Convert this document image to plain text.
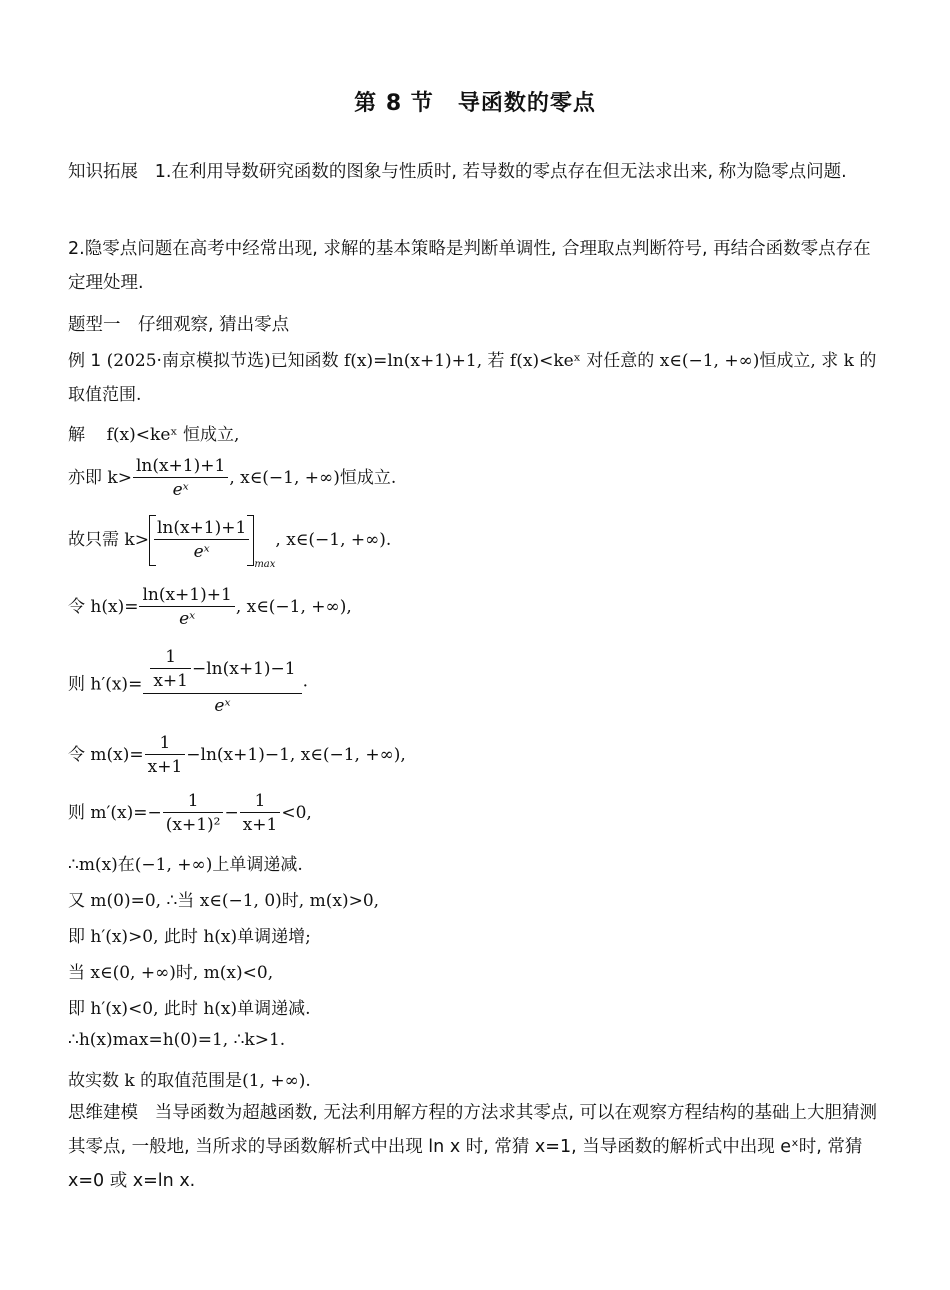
第 8 节 导函数的零点
知识拓展 1.在利用导数研究函数的图象与性质时, 若导数的零点存在但无法求出来, 称为隐零点问题.
2.隐零点问题在高考中经常出现, 求解的基本策略是判断单调性, 合理取点判断符号, 再结合函数零点存在定理处理.
题型一　仔细观察, 猜出零点
例 1 (2025·南京模拟节选)已知函数 f(x)=ln(x+1)+1, 若 f(x)<keˣ 对任意的 x∈(−1, +∞)恒成立, 求 k 的取值范围.
解 f(x)<keˣ 恒成立,
亦即 $k> \frac{\ln(x+1)+1}{\text{eˣ}}$ , x∈(−1, +∞)恒成立.
故只需 $k> \frac{\ln(x+1)+1}{\text{eˣ}}$
$_{max}$, x∈(−1, +∞).
令 $h(x)= \frac{\ln(x+1)+1}{\text{eˣ}}$ , x∈(−1, +∞),
则 $h'(x)= \frac{\frac{1}{x+1} -\ln(x+1)-1}{\text{eˣ}}$ .
令 $m(x)= \frac{1}{x+1} -\ln(x+1)-1$, x∈(−1, +∞),
则 $m'(x)=- \frac{1}{\text{(x+1)²}} - \frac{1}{x+1} <0$,
∴m(x)在(−1, +∞)上单调递减.
又 m(0)=0, ∴当 x∈(−1, 0)时, m(x)>0,
即 h′(x)>0, 此时 h(x)单调递增;
当 x∈(0, +∞)时, m(x)<0,
即 h′(x)<0, 此时 h(x)单调递减.
∴h(x)max=h(0)=1, ∴k>1.
故实数 k 的取值范围是(1, +∞).
思维建模 当导函数为超越函数, 无法利用解方程的方法求其零点, 可以在观察方程结构的基础上大胆猜测其零点, 一般地, 当所求的导函数解析式中出现 ln x 时, 常猜 x=1, 当导函数的解析式中出现 eˣ时, 常猜 x=0 或 x=ln x.
